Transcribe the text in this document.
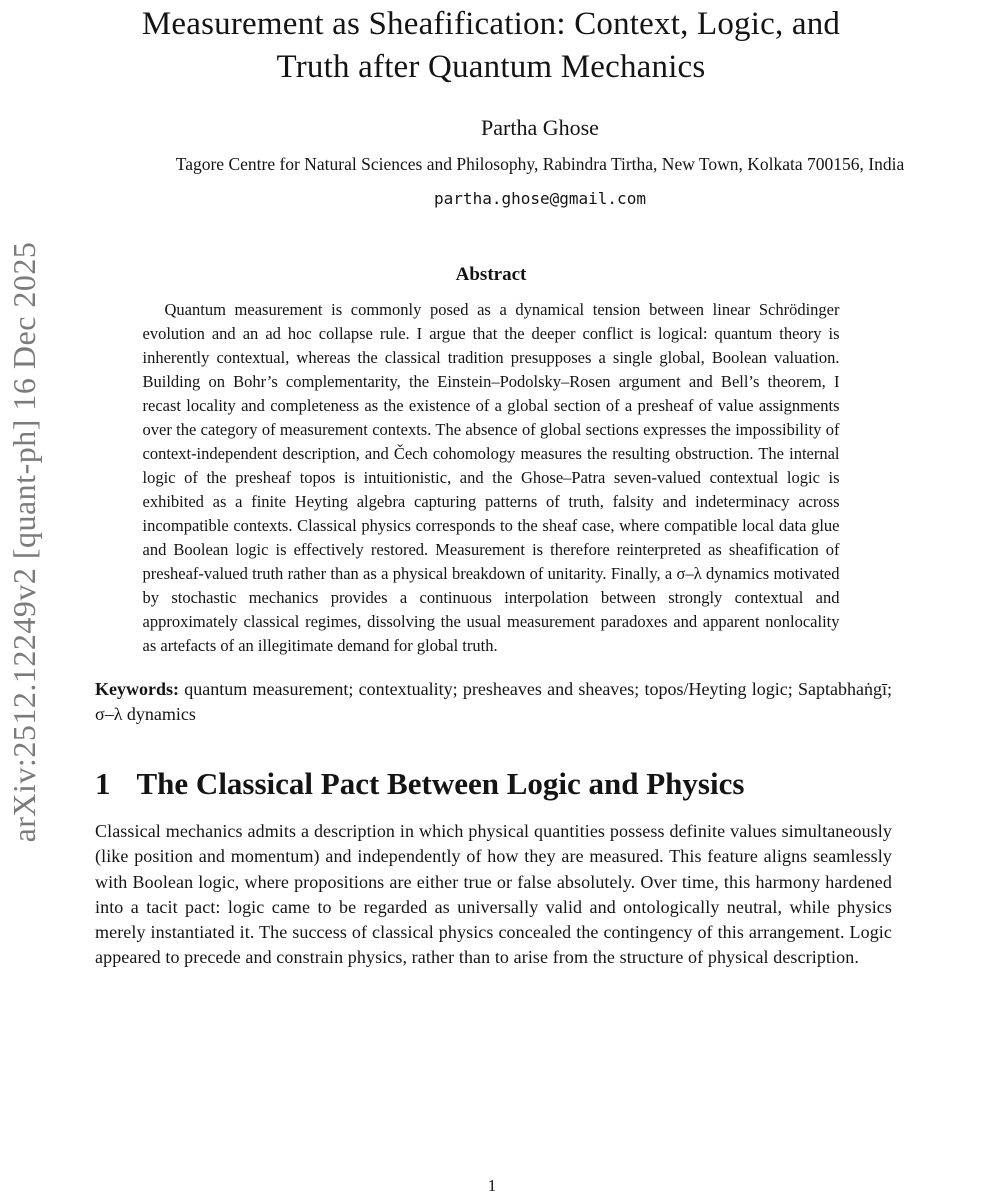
arXiv:2512.12249v2 [quant-ph] 16 Dec 2025
Measurement as Sheafification: Context, Logic, and
Truth after Quantum Mechanics
Partha Ghose
Tagore Centre for Natural Sciences and Philosophy, Rabindra Tirtha, New Town, Kolkata 700156, India
partha.ghose@gmail.com
Abstract
Quantum measurement is commonly posed as a dynamical tension between linear Schrödinger evolution and an ad hoc collapse rule. I argue that the deeper conflict is logical: quantum theory is inherently contextual, whereas the classical tradition presupposes a single global, Boolean valuation. Building on Bohr’s complementarity, the Einstein–Podolsky–Rosen argument and Bell’s theorem, I recast locality and completeness as the existence of a global section of a presheaf of value assignments over the category of measurement contexts. The absence of global sections expresses the impossibility of context-independent description, and Čech cohomology measures the resulting obstruction. The internal logic of the presheaf topos is intuitionistic, and the Ghose–Patra seven-valued contextual logic is exhibited as a finite Heyting algebra capturing patterns of truth, falsity and indeterminacy across incompatible contexts. Classical physics corresponds to the sheaf case, where compatible local data glue and Boolean logic is effectively restored. Measurement is therefore reinterpreted as sheafification of presheaf-valued truth rather than as a physical breakdown of unitarity. Finally, a σ–λ dynamics motivated by stochastic mechanics provides a continuous interpolation between strongly contextual and approximately classical regimes, dissolving the usual measurement paradoxes and apparent nonlocality as artefacts of an illegitimate demand for global truth.
Keywords: quantum measurement; contextuality; presheaves and sheaves; topos/Heyting logic; Saptabhaṅgī; σ–λ dynamics
1 The Classical Pact Between Logic and Physics
Classical mechanics admits a description in which physical quantities possess definite values simultaneously (like position and momentum) and independently of how they are measured. This feature aligns seamlessly with Boolean logic, where propositions are either true or false absolutely. Over time, this harmony hardened into a tacit pact: logic came to be regarded as universally valid and ontologically neutral, while physics merely instantiated it. The success of classical physics concealed the contingency of this arrangement. Logic appeared to precede and constrain physics, rather than to arise from the structure of physical description.
1
